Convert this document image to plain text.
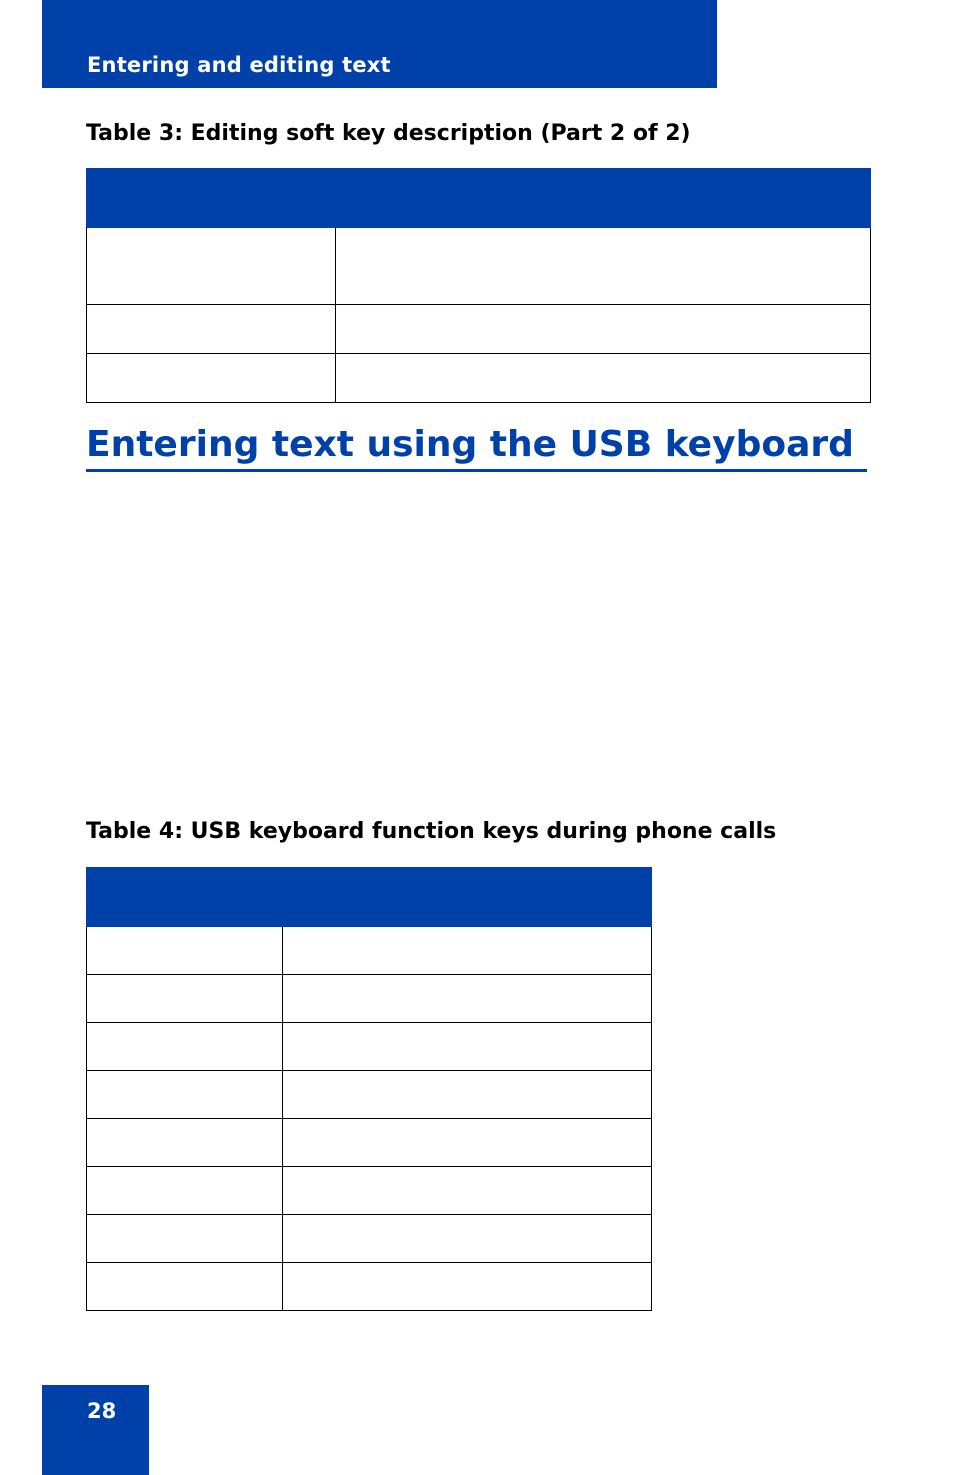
Entering and editing text
Table 3: Editing soft key description (Part 2 of 2)

Entering text using the USB keyboard
Table 4: USB keyboard function keys during phone calls

28
